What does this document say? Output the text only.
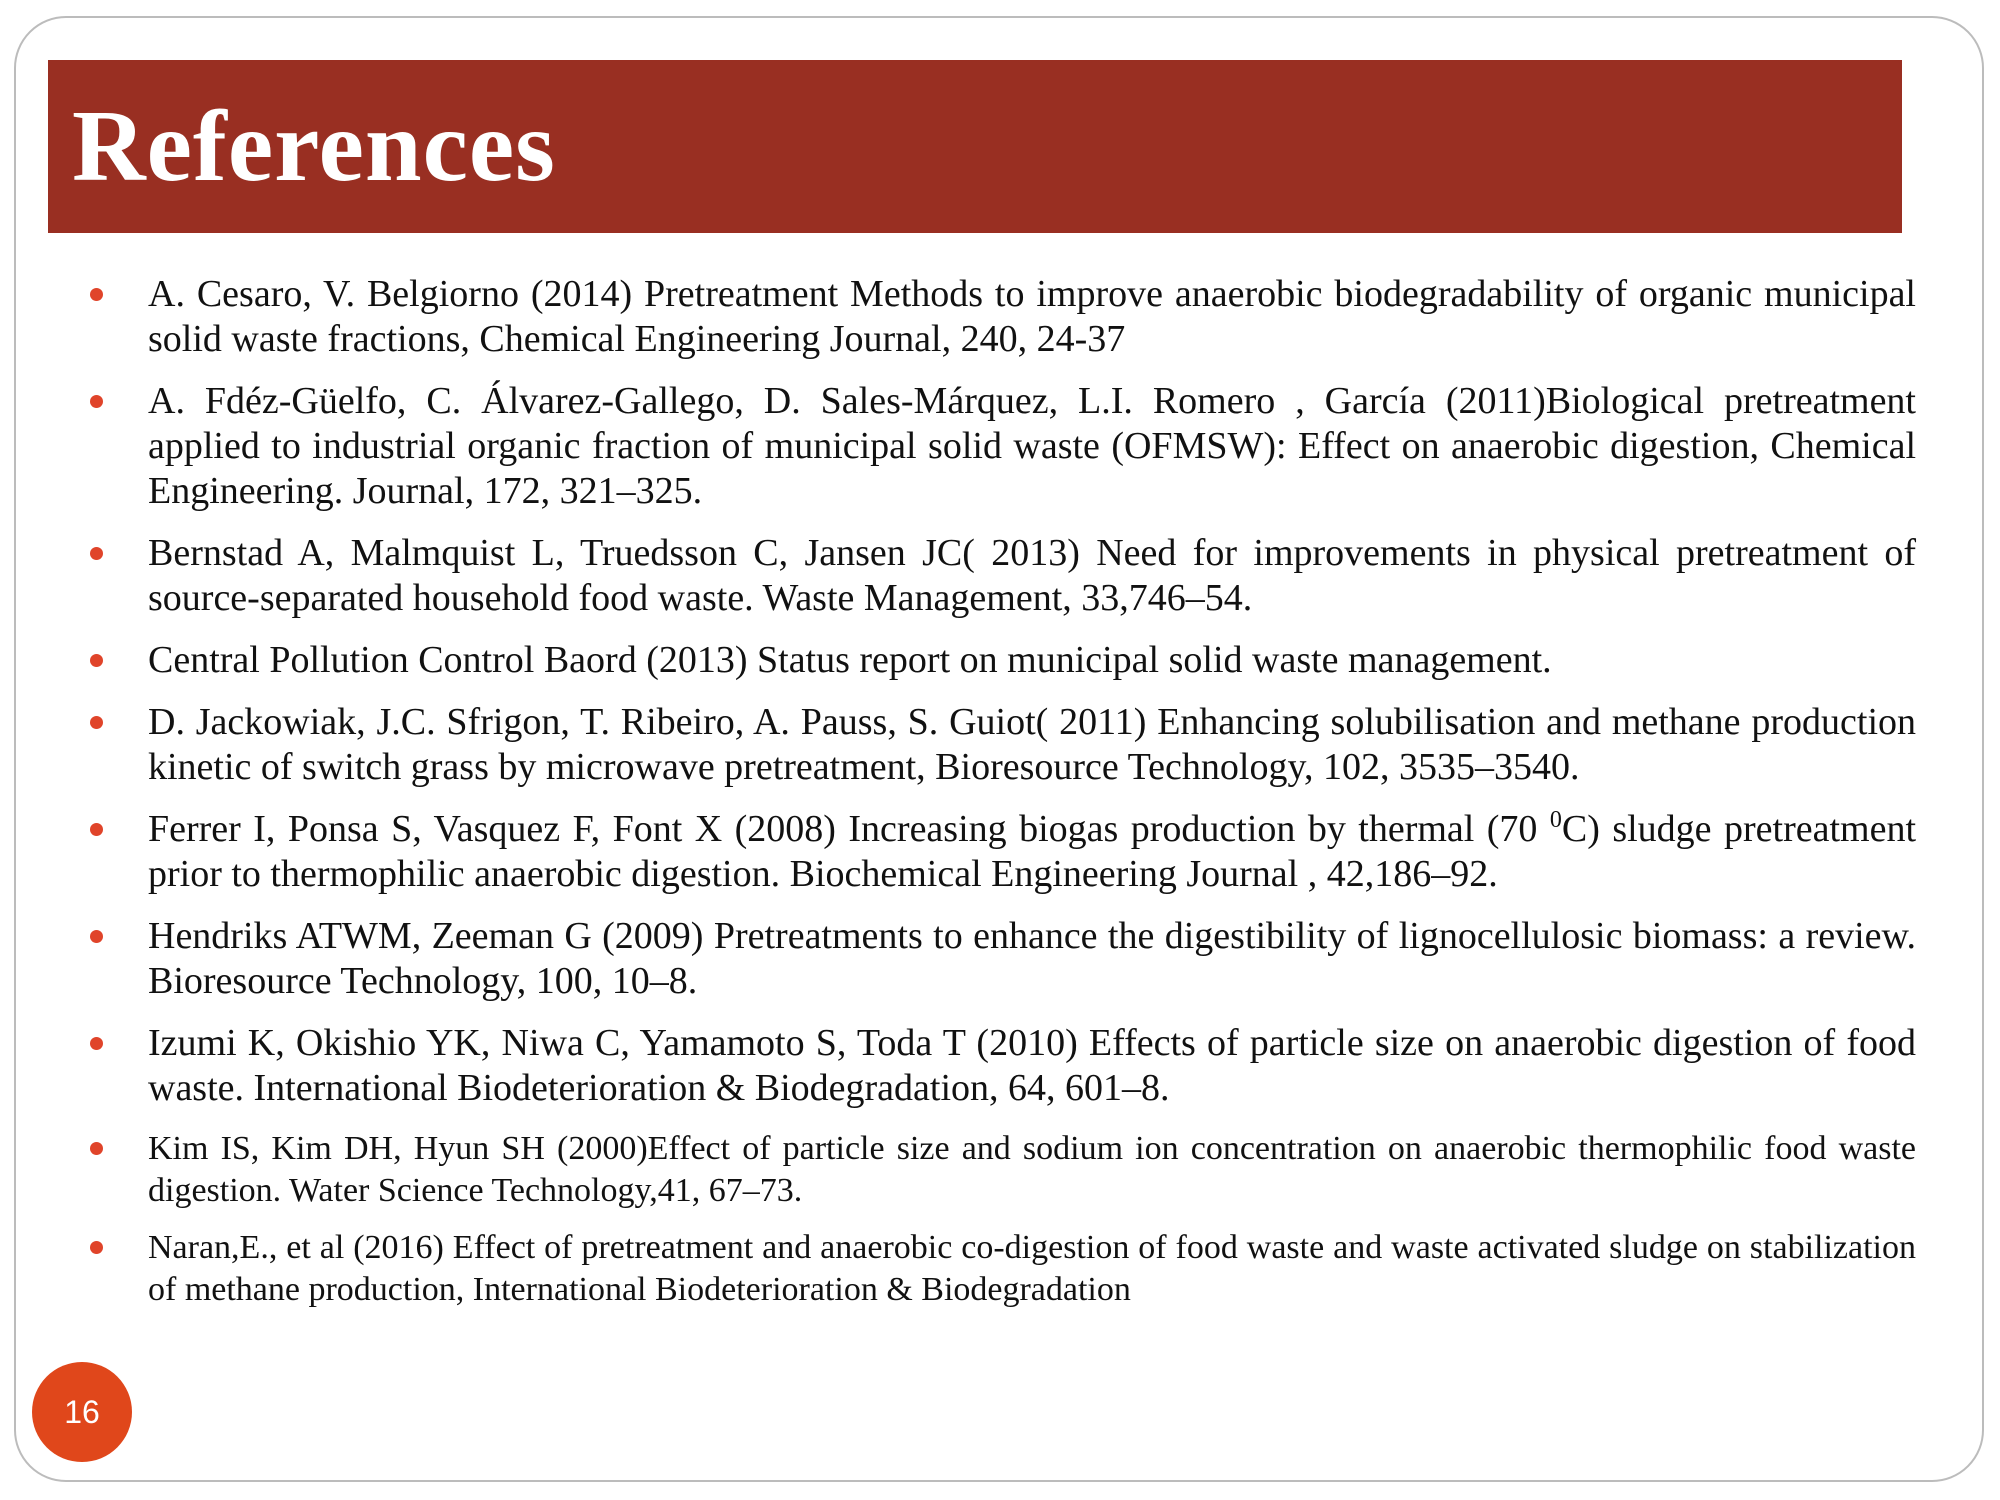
References
A. Cesaro, V. Belgiorno (2014) Pretreatment Methods to improve anaerobic biodegradability of organic municipal solid waste fractions, Chemical Engineering Journal, 240, 24-37
A. Fdéz-Güelfo, C. Álvarez-Gallego, D. Sales-Márquez, L.I. Romero , García (2011)Biological pretreatment applied to industrial organic fraction of municipal solid waste (OFMSW): Effect on anaerobic digestion, Chemical Engineering. Journal, 172, 321–325.
Bernstad A, Malmquist L, Truedsson C, Jansen JC( 2013) Need for improvements in physical pretreatment of source-separated household food waste. Waste Management, 33,746–54.
Central Pollution Control Baord (2013) Status report on municipal solid waste management.
D. Jackowiak, J.C. Sfrigon, T. Ribeiro, A. Pauss, S. Guiot( 2011) Enhancing solubilisation and methane production kinetic of switch grass by microwave pretreatment, Bioresource Technology, 102, 3535–3540.
Ferrer I, Ponsa S, Vasquez F, Font X (2008) Increasing biogas production by thermal (70 $^0$C) sludge pretreatment prior to thermophilic anaerobic digestion. Biochemical Engineering Journal , 42,186–92.
Hendriks ATWM, Zeeman G (2009) Pretreatments to enhance the digestibility of lignocellulosic biomass: a review. Bioresource Technology, 100, 10–8.
Izumi K, Okishio YK, Niwa C, Yamamoto S, Toda T (2010) Effects of particle size on anaerobic digestion of food waste. International Biodeterioration & Biodegradation, 64, 601–8.
Kim IS, Kim DH, Hyun SH (2000)Effect of particle size and sodium ion concentration on anaerobic thermophilic food waste digestion. Water Science Technology,41, 67–73.
Naran,E., et al (2016) Effect of pretreatment and anaerobic co-digestion of food waste and waste activated sludge on stabilization of methane production, International Biodeterioration & Biodegradation
16
